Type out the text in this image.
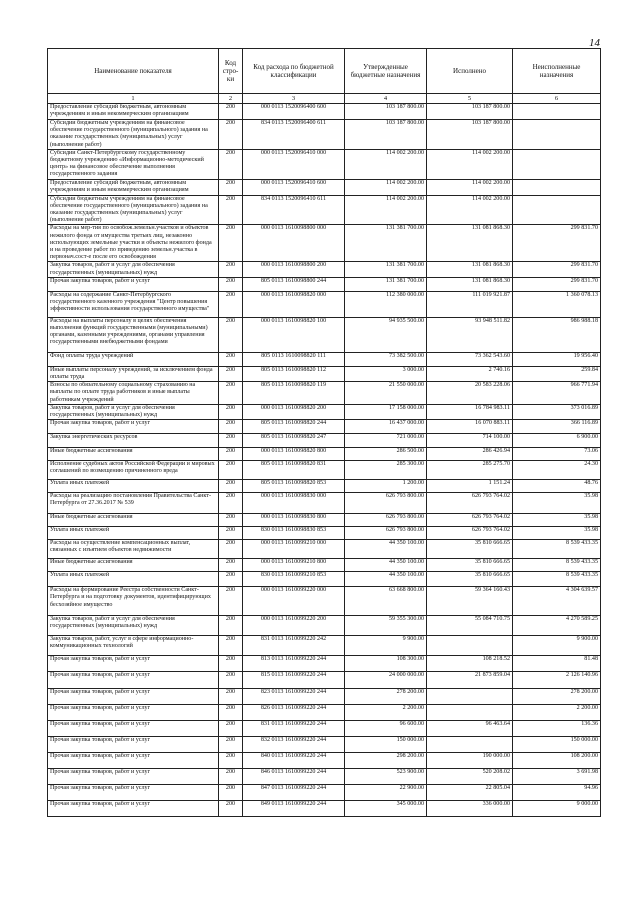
14
Наименование показателя	Код стро-ки	Код расхода по бюджетной классификации	Утвержденные бюджетные назначения	Исполнено	Неисполненные назначения
1	2	3	4	5	6
Предоставление субсидий бюджетным, автономным учреждениям и иным некоммерческим организациям	200	000 0113 1520096400 600	103 187 800.00	103 187 800.00	
Субсидии бюджетным учреждениям на финансовое обеспечение государственного (муниципального) задания на оказание государственных (муниципальных) услуг (выполнение работ)	200	834 0113 1520096400 611	103 187 800.00	103 187 800.00	
Субсидии Санкт-Петербургскому государственному бюджетному учреждению «Информационно-методический центр» на финансовое обеспечение выполнения государственного задания	200	000 0113 1520096410 000	114 002 200.00	114 002 200.00	
Предоставление субсидий бюджетным, автономным учреждениям и иным некоммерческим организациям	200	000 0113 1520096410 600	114 002 200.00	114 002 200.00	
Субсидии бюджетным учреждениям на финансовое обеспечение государственного (муниципального) задания на оказание государственных (муниципальных) услуг (выполнение работ)	200	834 0113 1520096410 611	114 002 200.00	114 002 200.00	
Расходы на мер-тия по освобож.земельн.участков и объектов нежилого фонда от имущества третьих лиц, незаконно использующих земельные участки и объекты нежилого фонда и на проведение работ по приведению земельн.участка в первонач.сост-е после его освобождения	200	000 0113 1610098800 000	131 381 700.00	131 081 868.30	299 831.70
Закупка товаров, работ и услуг для обеспечения государственных (муниципальных) нужд	200	000 0113 1610098800 200	131 381 700.00	131 081 868.30	299 831.70
Прочая закупка товаров, работ и услуг	200	805 0113 1610098800 244	131 381 700.00	131 081 868.30	299 831.70
Расходы на содержание Санкт-Петербургского государственного казенного учреждения "Центр повышения эффективности использования государственного имущества"	200	000 0113 1610098820 000	112 380 000.00	111 019 921.87	1 360 078.13
Расходы на выплаты персоналу в целях обеспечения выполнения функций государственными (муниципальными) органами, казенными учреждениями, органами управления государственными внебюджетными фондами	200	000 0113 1610098820 100	94 935 500.00	93 948 511.82	986 988.18
Фонд оплаты труда учреждений	200	805 0113 1610098820 111	73 382 500.00	73 362 543.60	19 956.40
Иные выплаты персоналу учреждений, за исключением фонда оплаты труда	200	805 0113 1610098820 112	3 000.00	2 740.16	259.84
Взносы по обязательному социальному страхованию на выплаты по оплате труда работников и иные выплаты работникам учреждений	200	805 0113 1610098820 119	21 550 000.00	20 583 228.06	966 771.94
Закупка товаров, работ и услуг для обеспечения государственных (муниципальных) нужд	200	000 0113 1610098820 200	17 158 000.00	16 784 983.11	373 016.89
Прочая закупка товаров, работ и услуг	200	805 0113 1610098820 244	16 437 000.00	16 070 883.11	366 116.89
Закупка энергетических ресурсов	200	805 0113 1610098820 247	721 000.00	714 100.00	6 900.00
Иные бюджетные ассигнования	200	000 0113 1610098820 800	286 500.00	286 426.94	73.06
Исполнение судебных актов Российской Федерации и мировых соглашений по возмещению причиненного вреда	200	805 0113 1610098820 831	285 300.00	285 275.70	24.30
Уплата иных платежей	200	805 0113 1610098820 853	1 200.00	1 151.24	48.76
Расходы на реализацию постановления Правительства Санкт-Петербурга от 27.36.2017 № 539	200	000 0113 1610098830 000	626 793 800.00	626 793 764.02	35.98
Иные бюджетные ассигнования	200	000 0113 1610098830 800	626 793 800.00	626 793 764.02	35.98
Уплата иных платежей	200	830 0113 1610098830 853	626 793 800.00	626 793 764.02	35.98
Расходы на осуществление компенсационных выплат, связанных с изъятием объектов недвижимости	200	000 0113 1610099210 000	44 350 100.00	35 810 666.65	8 539 433.35
Иные бюджетные ассигнования	200	000 0113 1610099210 800	44 350 100.00	35 810 666.65	8 539 433.35
Уплата иных платежей	200	830 0113 1610099210 853	44 350 100.00	35 810 666.65	8 539 433.35
Расходы на формирование Реестра собственности Санкт-Петербурга и на подготовку документов, идентифицирующих бесхозяйное имущество	200	000 0113 1610099220 000	63 668 800.00	59 364 160.43	4 304 639.57
Закупка товаров, работ и услуг для обеспечения государственных (муниципальных) нужд	200	000 0113 1610099220 200	59 355 300.00	55 084 710.75	4 270 589.25
Закупка товаров, работ, услуг в сфере информационно-коммуникационных технологий	200	831 0113 1610099220 242	9 900.00		9 900.00
Прочая закупка товаров, работ и услуг	200	813 0113 1610099220 244	108 300.00	108 218.52	81.48
Прочая закупка товаров, работ и услуг	200	815 0113 1610099220 244	24 000 000.00	21 873 859.04	2 126 140.96
Прочая закупка товаров, работ и услуг	200	823 0113 1610099220 244	278 200.00		278 200.00
Прочая закупка товаров, работ и услуг	200	826 0113 1610099220 244	2 200.00		2 200.00
Прочая закупка товаров, работ и услуг	200	831 0113 1610099220 244	96 600.00	96 463.64	136.36
Прочая закупка товаров, работ и услуг	200	832 0113 1610099220 244	150 000.00		150 000.00
Прочая закупка товаров, работ и услуг	200	840 0113 1610099220 244	298 200.00	190 000.00	108 200.00
Прочая закупка товаров, работ и услуг	200	846 0113 1610099220 244	523 900.00	520 208.02	3 691.98
Прочая закупка товаров, работ и услуг	200	847 0113 1610099220 244	22 900.00	22 805.04	94.96
Прочая закупка товаров, работ и услуг	200	849 0113 1610099220 244	345 000.00	336 000.00	9 000.00
